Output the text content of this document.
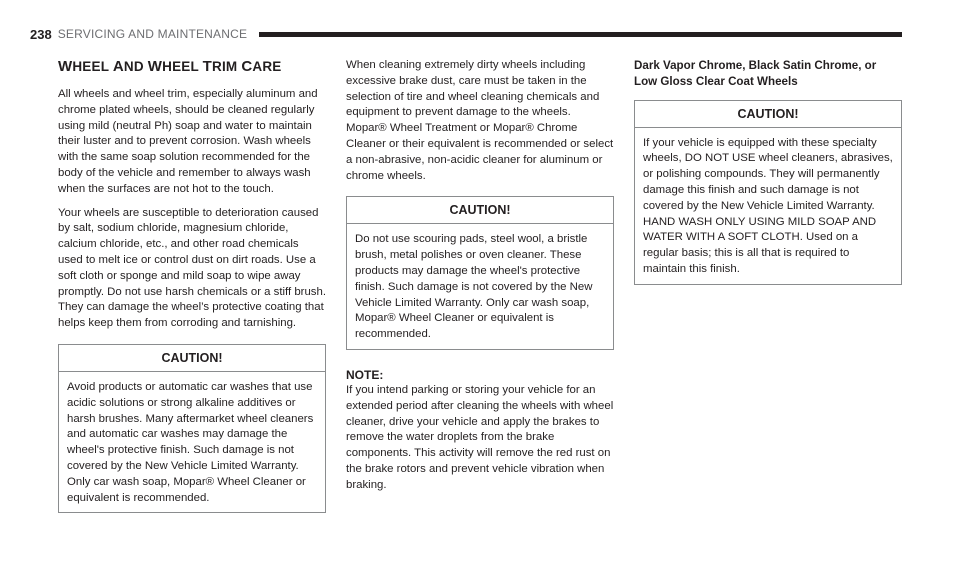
238 SERVICING AND MAINTENANCE
WHEEL AND WHEEL TRIM CARE

All wheels and wheel trim, especially aluminum and chrome plated wheels, should be cleaned regularly using mild (neutral Ph) soap and water to maintain their luster and to prevent corrosion. Wash wheels with the same soap solution recommended for the body of the vehicle and remember to always wash when the surfaces are not hot to the touch.

Your wheels are susceptible to deterioration caused by salt, sodium chloride, magnesium chloride, calcium chloride, etc., and other road chemicals used to melt ice or control dust on dirt roads. Use a soft cloth or sponge and mild soap to wipe away promptly. Do not use harsh chemicals or a stiff brush. They can damage the wheel’s protective coating that helps keep them from corroding and tarnishing.

CAUTION!

Avoid products or automatic car washes that use acidic solutions or strong alkaline additives or harsh brushes. Many aftermarket wheel cleaners and automatic car washes may damage the wheel's protective finish. Such damage is not covered by the New Vehicle Limited Warranty. Only car wash soap, Mopar® Wheel Cleaner or equivalent is recommended.

When cleaning extremely dirty wheels including excessive brake dust, care must be taken in the selection of tire and wheel cleaning chemicals and equipment to prevent damage to the wheels. Mopar® Wheel Treatment or Mopar® Chrome Cleaner or their equivalent is recommended or select a non-abrasive, non-acidic cleaner for aluminum or chrome wheels.

CAUTION!

Do not use scouring pads, steel wool, a bristle brush, metal polishes or oven cleaner. These products may damage the wheel's protective finish. Such damage is not covered by the New Vehicle Limited Warranty. Only car wash soap, Mopar® Wheel Cleaner or equivalent is recommended.

NOTE:

If you intend parking or storing your vehicle for an extended period after cleaning the wheels with wheel cleaner, drive your vehicle and apply the brakes to remove the water droplets from the brake components. This activity will remove the red rust on the brake rotors and prevent vehicle vibration when braking.

Dark Vapor Chrome, Black Satin Chrome, or Low Gloss Clear Coat Wheels
CAUTION!

If your vehicle is equipped with these specialty wheels, DO NOT USE wheel cleaners, abrasives, or polishing compounds. They will permanently damage this finish and such damage is not covered by the New Vehicle Limited Warranty. HAND WASH ONLY USING MILD SOAP AND WATER WITH A SOFT CLOTH. Used on a regular basis; this is all that is required to maintain this finish.
